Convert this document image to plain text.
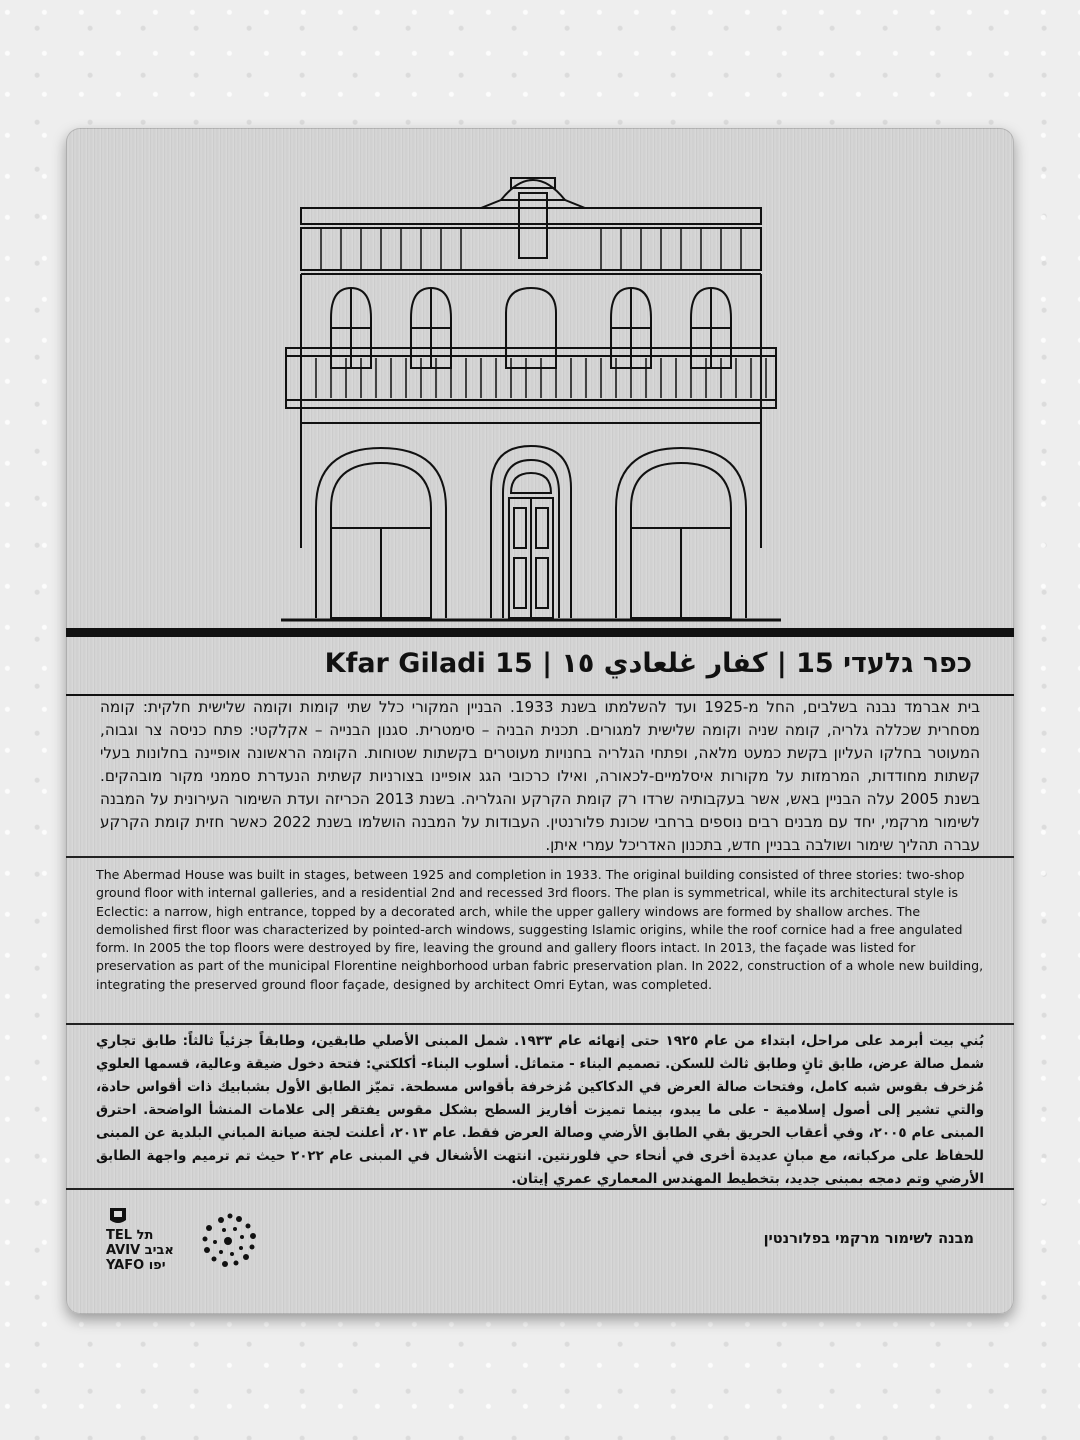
כפר גלעדי 15 | كفار غلعادي ١٥ | 15 Kfar Giladi
בית אברמד נבנה בשלבים, החל מ-1925 ועד להשלמתו בשנת 1933. הבניין המקורי כלל שתי קומות וקומה שלישית חלקית: קומה מסחרית שכללה גלריה, קומה שניה וקומה שלישית למגורים. תכנית הבניה – סימטרית. סגנון הבנייה – אקלקטי: פתח כניסה צר וגבוה, המעוטר בחלקו העליון בקשת כמעט מלאה, ופתחי הגלריה בחנויות מעוטרים בקשתות שטוחות. הקומה הראשונה אופיינה בחלונות בעלי קשתות מחודדות, המרמזות על מקורות איסלמיים-לכאורה, ואילו כרכובי הגג אופיינו בצורניות קשתית הנעדרת סממני מקור מובהקים. בשנת 2005 עלה הבניין באש, אשר בעקבותיה שרדו רק קומת הקרקע והגלריה. בשנת 2013 הכריזה ועדת השימור העירונית על המבנה לשימור מרקמי, יחד עם מבנים רבים נוספים ברחבי שכונת פלורנטין. העבודות על המבנה הושלמו בשנת 2022 כאשר חזית קומת הקרקע עברה תהליך שימור ושולבה בבניין חדש, בתכנון האדריכל עמרי איתן.
The Abermad House was built in stages, between 1925 and completion in 1933. The original building consisted of three stories: two-shop ground floor with internal galleries, and a residential 2nd and recessed 3rd floors. The plan is symmetrical, while its architectural style is Eclectic: a narrow, high entrance, topped by a decorated arch, while the upper gallery windows are formed by shallow arches. The demolished first floor was characterized by pointed-arch windows, suggesting Islamic origins, while the roof cornice had a free angulated form. In 2005 the top floors were destroyed by fire, leaving the ground and gallery floors intact. In 2013, the façade was listed for preservation as part of the municipal Florentine neighborhood urban fabric preservation plan. In 2022, construction of a whole new building, integrating the preserved ground floor façade, designed by architect Omri Eytan, was completed.
بُني بيت أبرمد على مراحل، ابتداء من عام ١٩٢٥ حتى إنهائه عام ١٩٣٣. شمل المبنى الأصلي طابقين، وطابقاً جزئياً ثالثاً: طابق تجاري شمل صالة عرض، طابق ثانٍ وطابق ثالث للسكن. تصميم البناء - متماثل. أسلوب البناء- أكلكتي: فتحة دخول ضيقة وعالية، قسمها العلوي مُزخرف بقوس شبه كامل، وفتحات صالة العرض في الدكاكين مُزخرفة بأقواس مسطحة. تميّز الطابق الأول بشبابيك ذات أقواس حادة، والتي تشير إلى أصول إسلامية - على ما يبدو، بينما تميزت أفاريز السطح بشكل مقوس يفتقر إلى علامات المنشأ الواضحة. احترق المبنى عام ٢٠٠٥، وفي أعقاب الحريق بقي الطابق الأرضي وصالة العرض فقط. عام ٢٠١٣، أعلنت لجنة صيانة المباني البلدية عن المبنى للحفاظ على مركباته، مع مبانٍ عديدة أخرى في أنحاء حي فلورنتين. انتهت الأشغال في المبنى عام ٢٠٢٢ حيث تم ترميم واجهة الطابق الأرضي وتم دمجه بمبنى جديد، بتخطيط المهندس المعماري عمري إيتان.
TEL תל
AVIV אביב
YAFO יפו
מבנה לשימור מרקמי בפלורנטין
